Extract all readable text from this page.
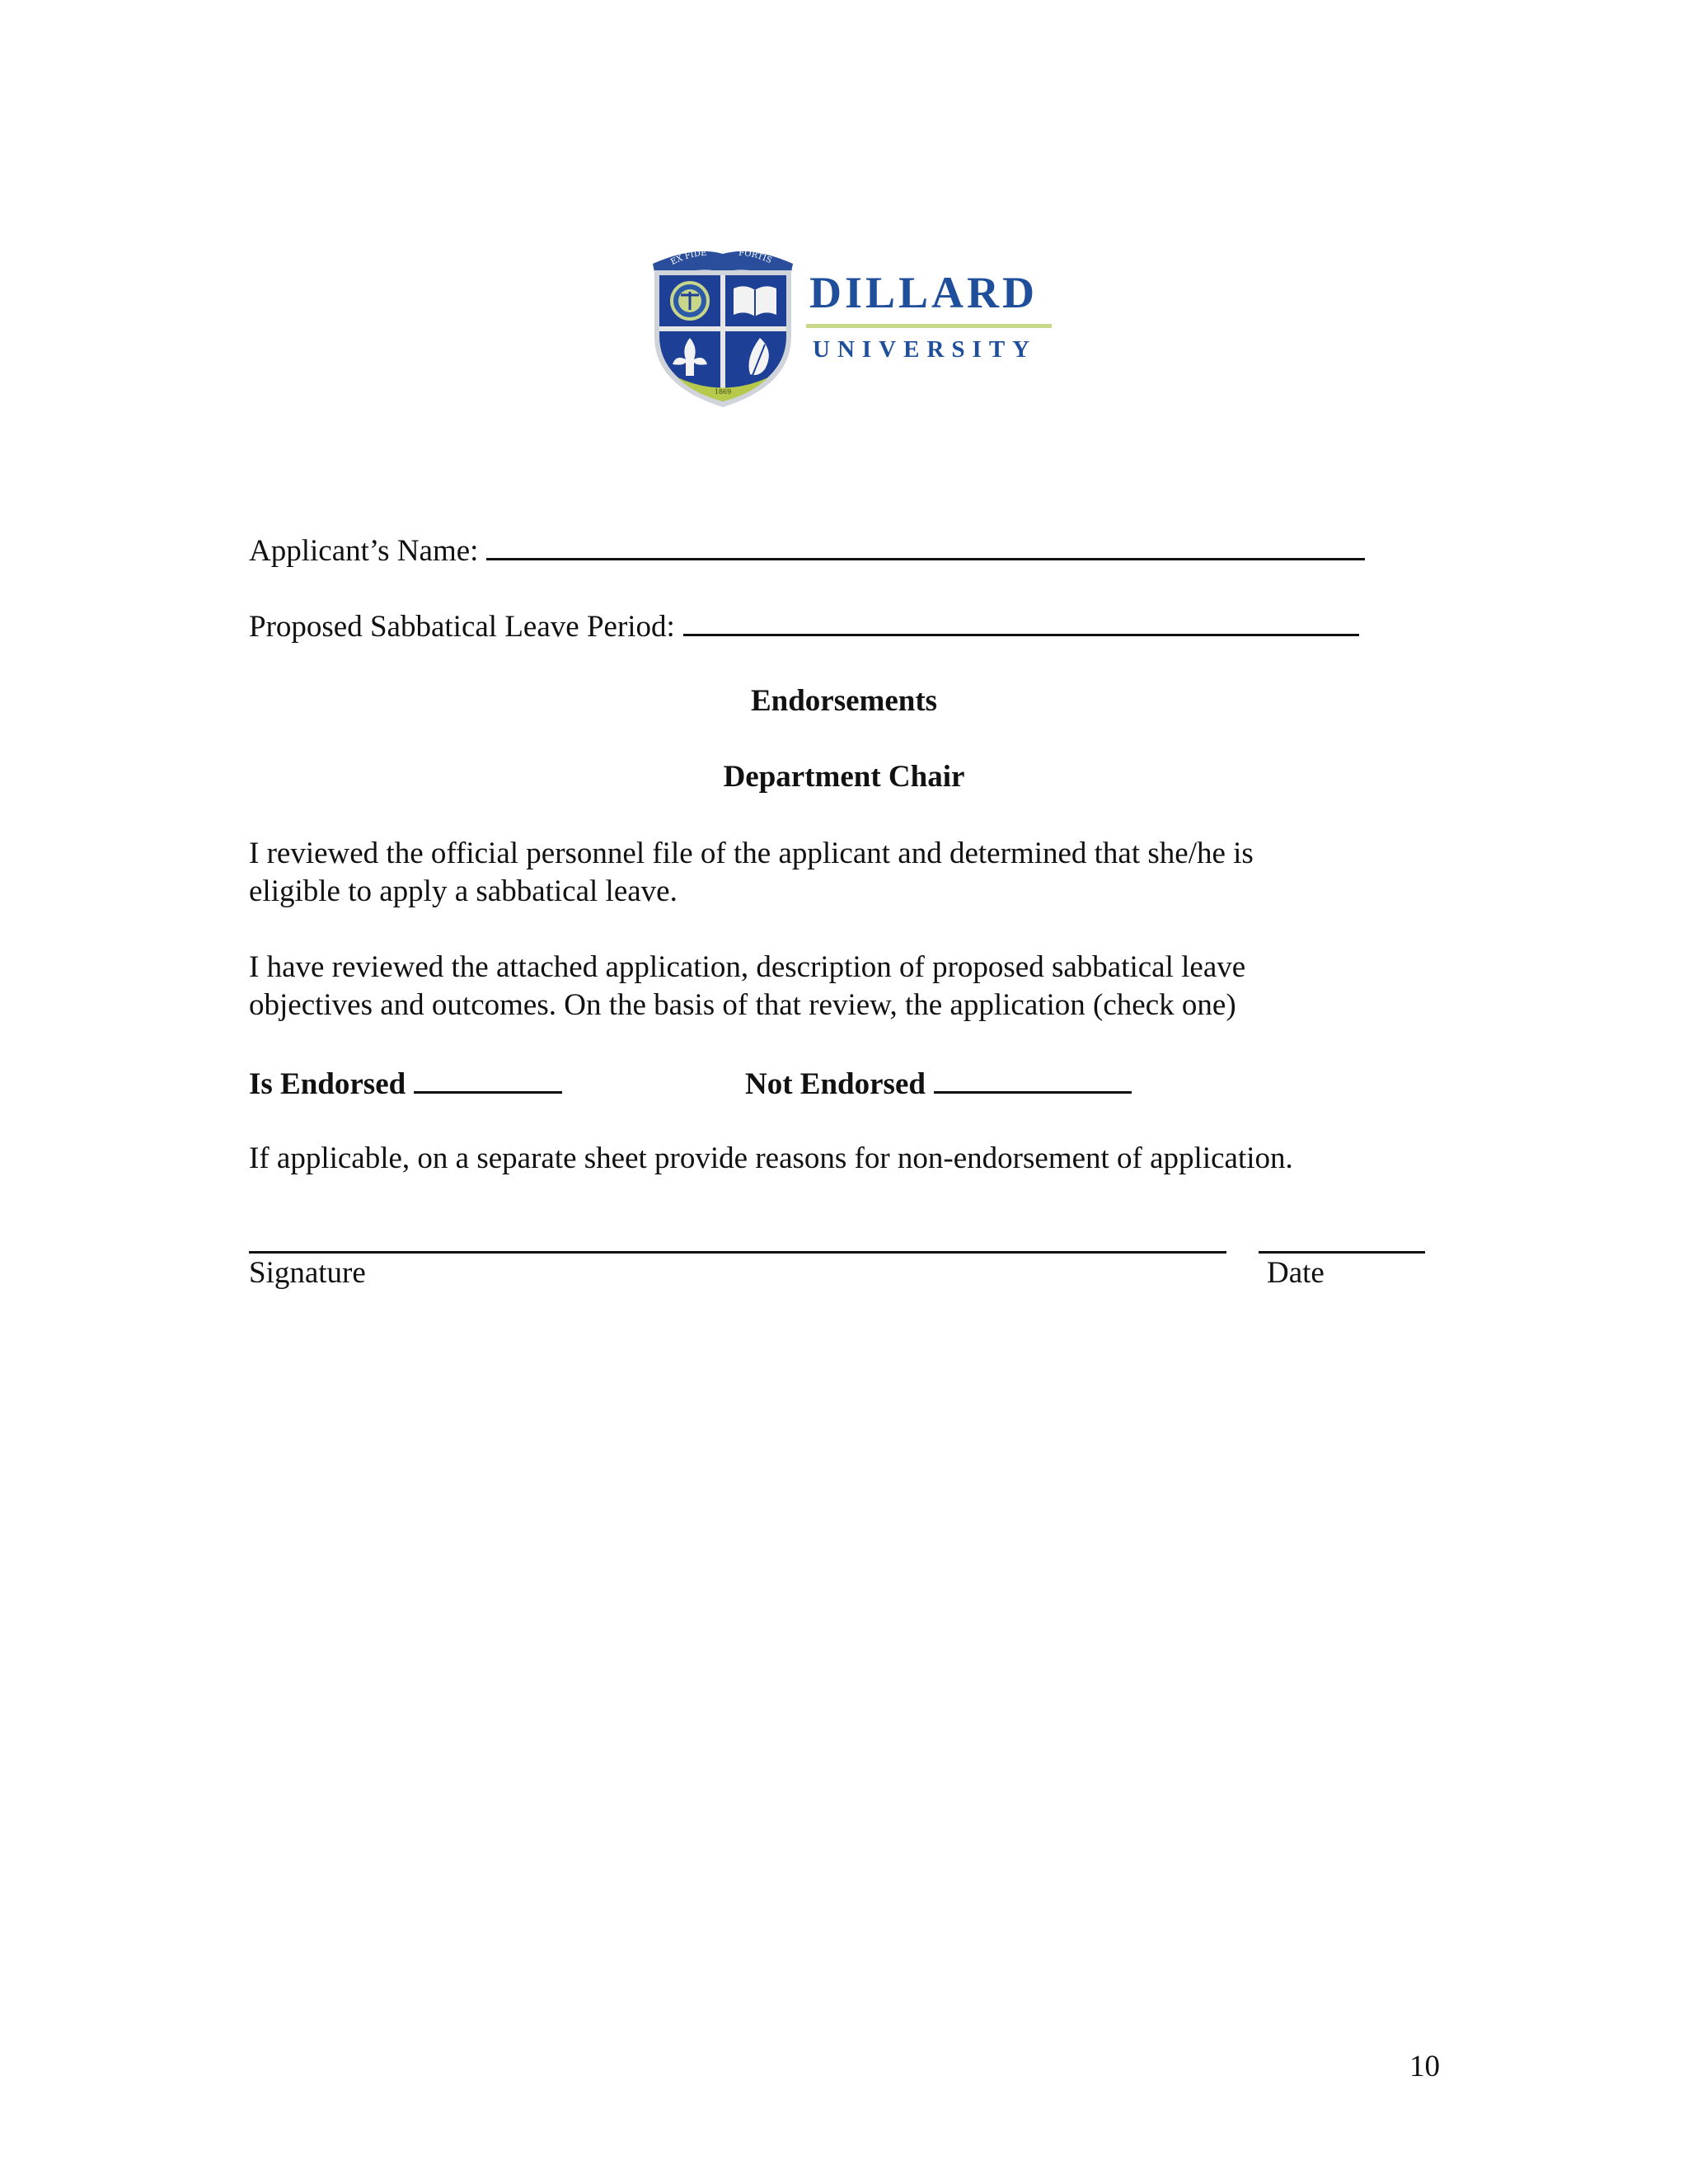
EX FIDE	FORTIS
1869
DILLARD
UNIVERSITY
Applicant’s Name:
Proposed Sabbatical Leave Period:
Endorsements
Department Chair
I reviewed the official personnel file of the applicant and determined that she/he is
eligible to apply a sabbatical leave.
I have reviewed the attached application, description of proposed sabbatical leave
objectives and outcomes. On the basis of that review, the application (check one)
Is Endorsed	Not Endorsed
If applicable, on a separate sheet provide reasons for non-endorsement of application.
Signature	Date
10
